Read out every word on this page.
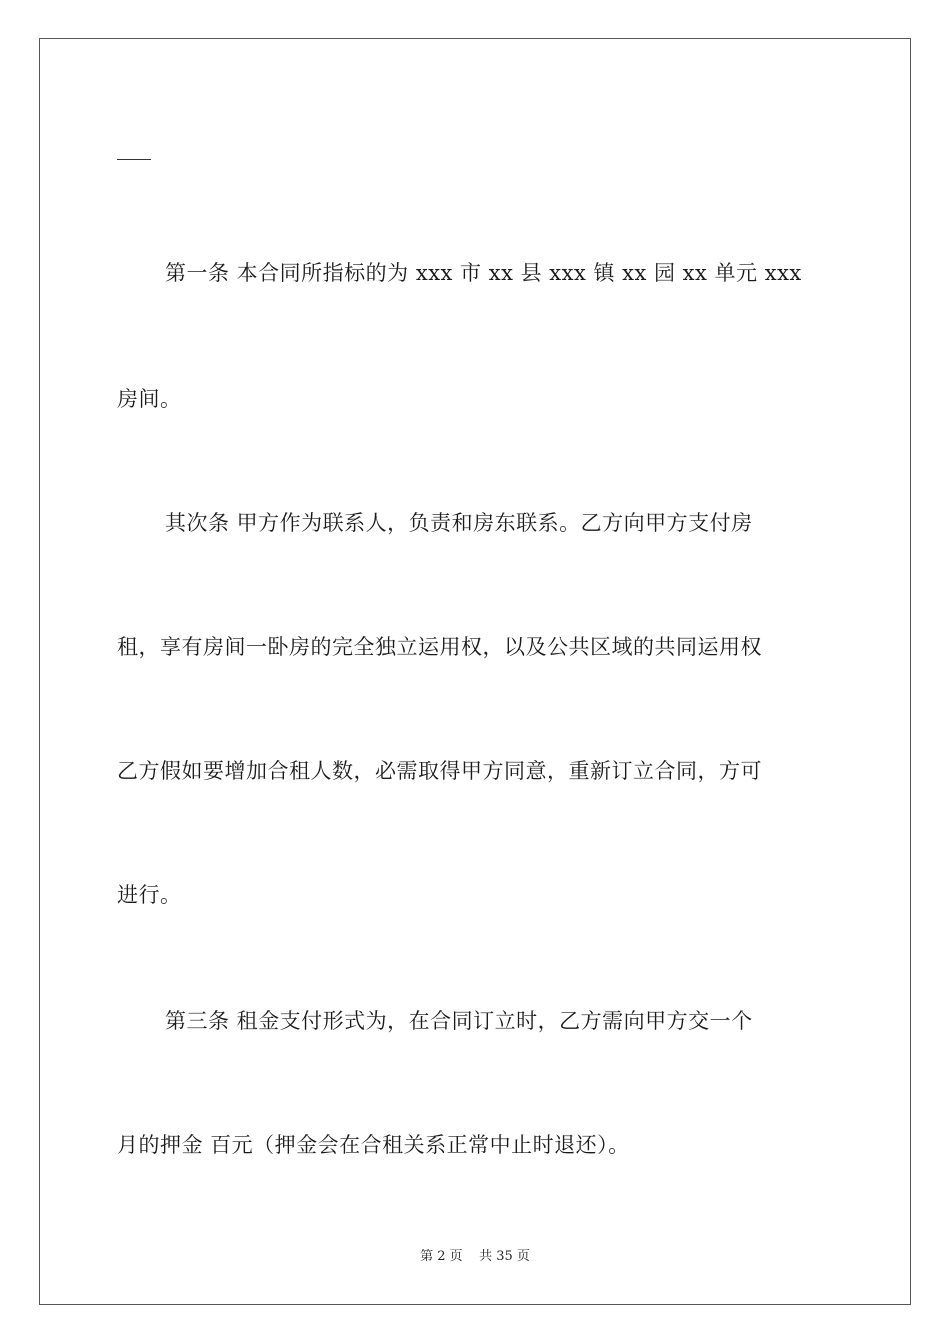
第一条 本合同所指标的为 xxx 市 xx 县 xxx 镇 xx 园 xx 单元 xxx
房间。
其次条 甲方作为联系人，负责和房东联系。乙方向甲方支付房
租，享有房间一卧房的完全独立运用权，以及公共区域的共同运用权
乙方假如要增加合租人数，必需取得甲方同意，重新订立合同，方可
进行。
第三条 租金支付形式为，在合同订立时，乙方需向甲方交一个
月的押金 百元（押金会在合租关系正常中止时退还）。
第 2 页    共 35 页
